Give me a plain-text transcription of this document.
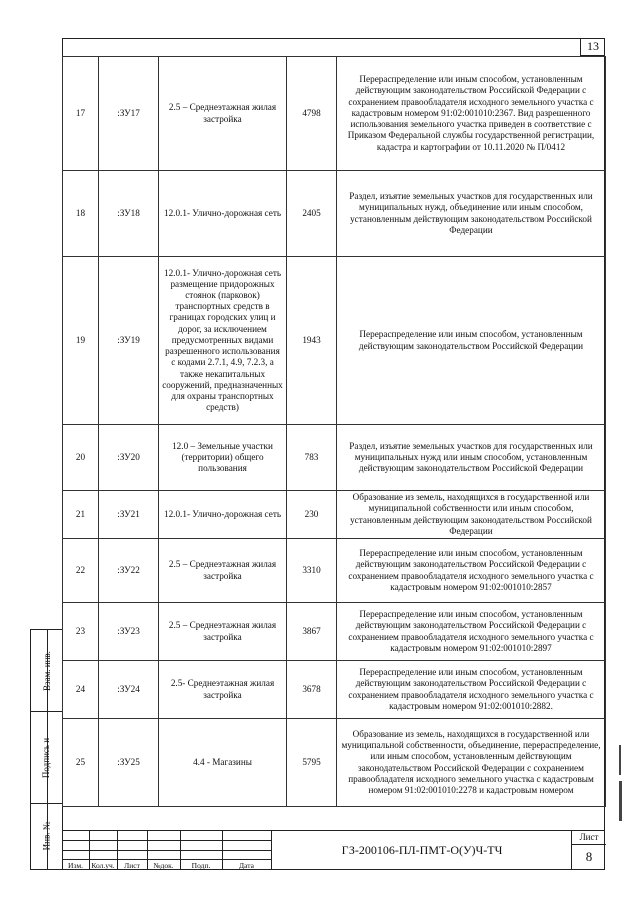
13
17	:ЗУ17	2.5 – Среднеэтажная жилая застройка	4798	Перераспределение или иным способом, установленным действующим законодательством Российской Федерации с сохранением правообладателя исходного земельного участка с кадастровым номером 91:02:001010:2367. Вид разрешенного использования земельного участка приведен в соответствие с Приказом Федеральной службы государственной регистрации, кадастра и картографии от 10.11.2020 № П/0412
18	:ЗУ18	12.0.1- Улично-дорожная сеть	2405	Раздел, изъятие земельных участков для государственных или муниципальных нужд, объединение или иным способом, установленным действующим законодательством Российской Федерации
19	:ЗУ19	12.0.1- Улично-дорожная сеть размещение придорожных стоянок (парковок) транспортных средств в границах городских улиц и дорог, за исключением предусмотренных видами разрешенного использования с кодами 2.7.1, 4.9, 7.2.3, а также некапитальных сооружений, предназначенных для охраны транспортных средств)	1943	Перераспределение или иным способом, установленным действующим законодательством Российской Федерации
20	:ЗУ20	12.0 – Земельные участки (территории) общего пользования	783	Раздел, изъятие земельных участков для государственных или муниципальных нужд или иным способом, установленным действующим законодательством Российской Федерации
21	:ЗУ21	12.0.1- Улично-дорожная сеть	230	Образование из земель, находящихся в государственной или муниципальной собственности или иным способом, установленным действующим законодательством Российской Федерации
22	:ЗУ22	2.5 – Среднеэтажная жилая застройка	3310	Перераспределение или иным способом, установленным действующим законодательством Российской Федерации с сохранением правообладателя исходного земельного участка с кадастровым номером 91:02:001010:2857
23	:ЗУ23	2.5 – Среднеэтажная жилая застройка	3867	Перераспределение или иным способом, установленным действующим законодательством Российской Федерации с сохранением правообладателя исходного земельного участка с кадастровым номером 91:02:001010:2897
24	:ЗУ24	2.5- Среднеэтажная жилая застройка	3678	Перераспределение или иным способом, установленным действующим законодательством Российской Федерации с сохранением правообладателя исходного земельного участка с кадастровым номером 91:02:001010:2882.
25	:ЗУ25	4.4 - Магазины	5795	Образование из земель, находящихся в государственной или муниципальной собственности, объединение, перераспределение, или иным способом, установленным действующим законодательством Российской Федерации с сохранением правообладателя исходного земельного участка с кадастровым номером 91:02:001010:2278 и кадастровым номером
Взам. инв.
Подпись и
Инв. №
Изм.	Кол.уч.	Лист	№док.	Подп.	Дата
ГЗ-200106-ПЛ-ПМТ-О(У)Ч-ТЧ
Лист
8
